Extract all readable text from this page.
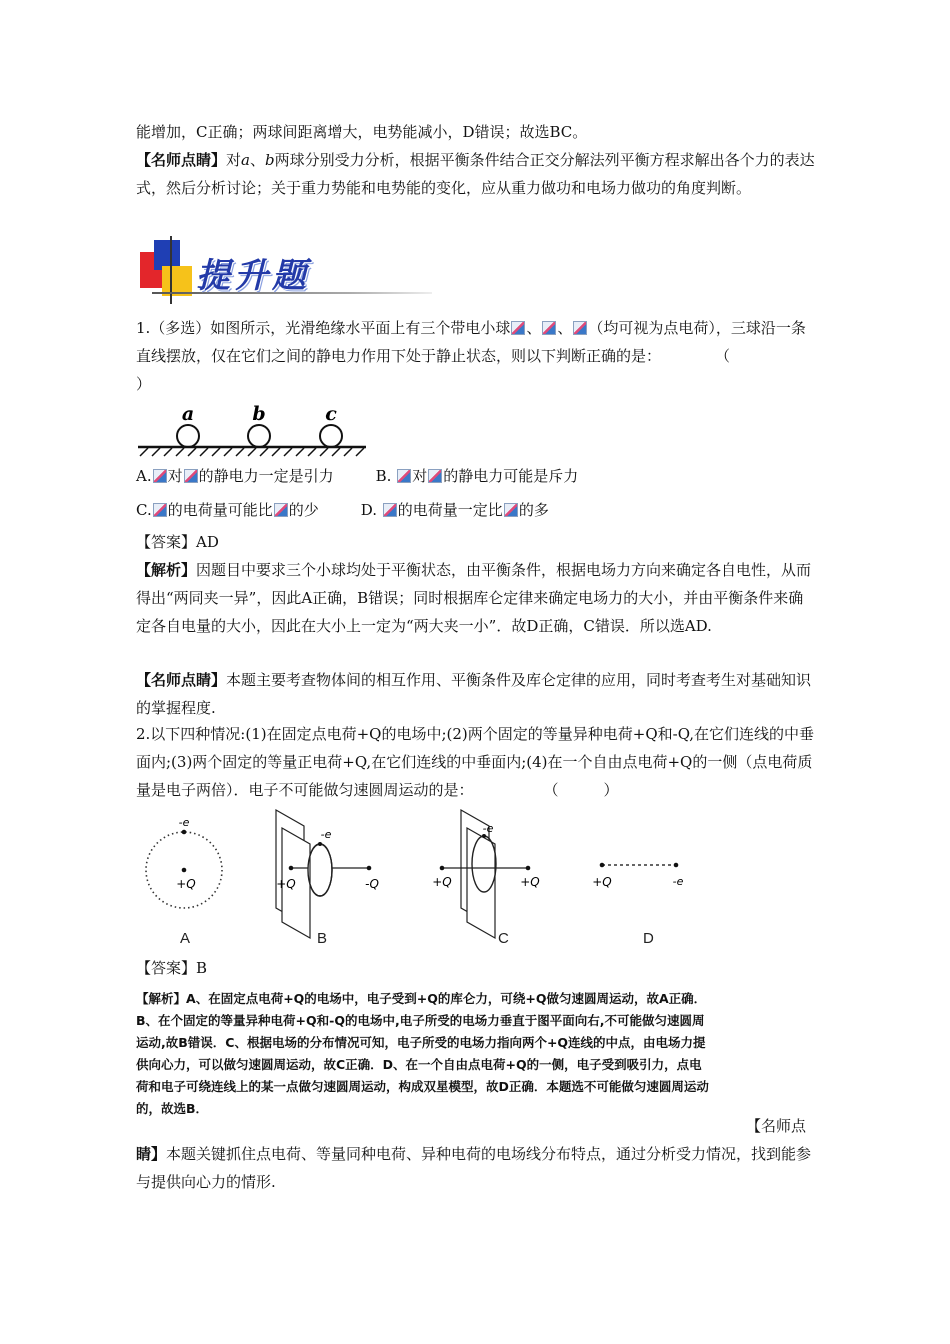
能增加，C正确；两球间距离增大，电势能减小，D错误；故选BC。
【名师点睛】对a、b两球分别受力分析，根据平衡条件结合正交分解法列平衡方程求解出各个力的表达式，然后分析讨论；关于重力势能和电势能的变化，应从重力做功和电场力做功的角度判断。
提升题
1.（多选）如图所示，光滑绝缘水平面上有三个带电小球 、 、 （均可视为点电荷），三球沿一条直线摆放，仅在它们之间的静电力作用下处于静止状态，则以下判断正确的是：	（
）
a	b	c
A. 对 的静电力一定是引力	B. 对 的静电力可能是斥力
C. 的电荷量可能比 的少	D. 的电荷量一定比 的多
【答案】AD
【解析】因题目中要求三个小球均处于平衡状态，由平衡条件，根据电场力方向来确定各自电性，从而得出“两同夹一异”，因此A正确，B错误；同时根据库仑定律来确定电场力的大小，并由平衡条件来确定各自电量的大小，因此在大小上一定为“两大夹一小”．故D正确，C错误．所以选AD.
【名师点睛】本题主要考查物体间的相互作用、平衡条件及库仑定律的应用，同时考查考生对基础知识的掌握程度.
2.以下四种情况:(1)在固定点电荷+Q的电场中;(2)两个固定的等量异种电荷+Q和-Q,在它们连线的中垂面内;(3)两个固定的等量正电荷+Q,在它们连线的中垂面内;(4)在一个自由点电荷+Q的一侧（点电荷质量是电子两倍）．电子不可能做匀速圆周运动的是：	（　　　）
-e
+Q
-e
+Q	-Q
-e
+Q	+Q	+Q	-e
A	B	C	D
【答案】B
【解析】A、在固定点电荷+Q的电场中，电子受到+Q的库仑力，可绕+Q做匀速圆周运动，故A正确．B、在个固定的等量异种电荷+Q和-Q的电场中,电子所受的电场力垂直于图平面向右,不可能做匀速圆周运动,故B错误．C、根据电场的分布情况可知，电子所受的电场力指向两个+Q连线的中点，由电场力提供向心力，可以做匀速圆周运动，故C正确．D、在一个自由点电荷+Q的一侧，电子受到吸引力，点电荷和电子可绕连线上的某一点做匀速圆周运动，构成双星模型，故D正确．本题选不可能做匀速圆周运动的，故选B．
【名师点
睛】本题关键抓住点电荷、等量同种电荷、异种电荷的电场线分布特点，通过分析受力情况，找到能参与提供向心力的情形.
